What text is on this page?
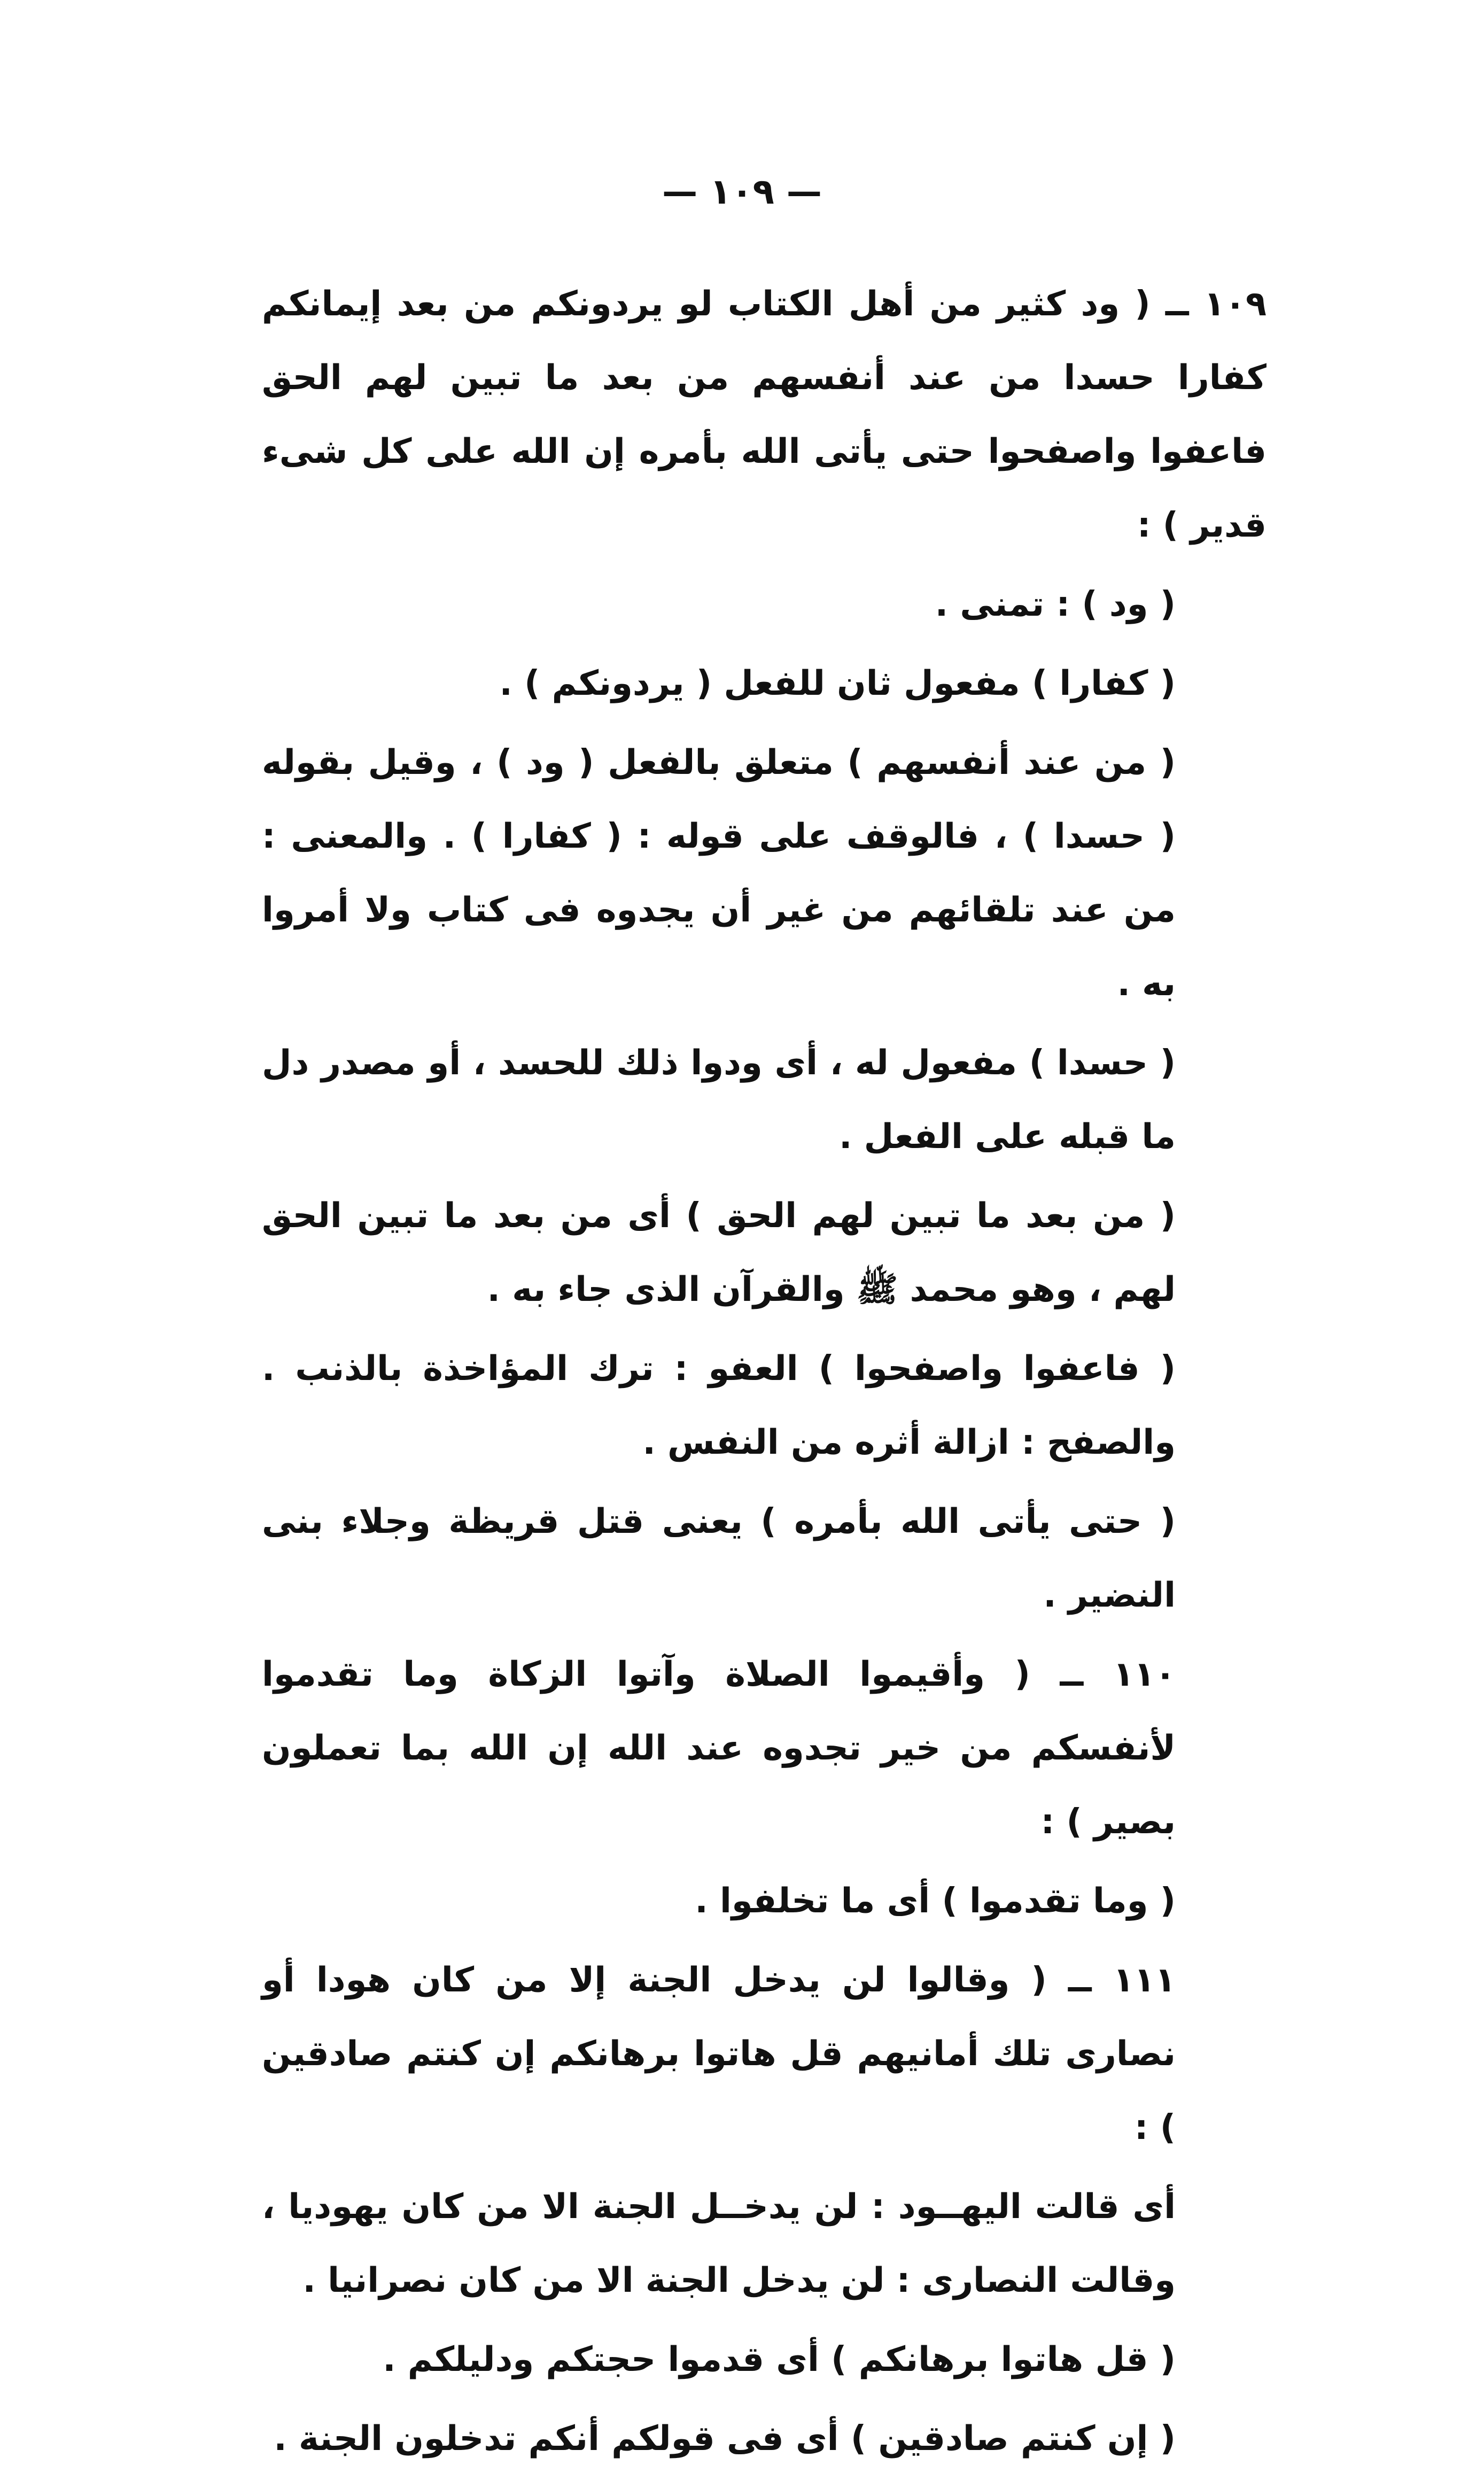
— ١٠٩ —

١٠٩ ــ ( ود كثير من أهل الكتاب لو يردونكم من بعد إيمانكم كفارا حسدا من عند أنفسهم من بعد ما تبين لهم الحق فاعفوا واصفحوا حتى يأتى الله بأمره إن الله على كل شىء قدير ) :

( ود ) : تمنى .

( كفارا ) مفعول ثان للفعل ( يردونكم ) .

( من عند أنفسهم ) متعلق بالفعل ( ود ) ، وقيل بقوله ( حسدا ) ، فالوقف على قوله : ( كفارا ) . والمعنى : من عند تلقائهم من غير أن يجدوه فى كتاب ولا أمروا به .

( حسدا ) مفعول له ، أى ودوا ذلك للحسد ، أو مصدر دل ما قبله على الفعل .

( من بعد ما تبين لهم الحق ) أى من بعد ما تبين الحق لهم ، وهو محمد ﷺ والقرآن الذى جاء به .

( فاعفوا واصفحوا ) العفو : ترك المؤاخذة بالذنب . والصفح : ازالة أثره من النفس .

( حتى يأتى الله بأمره ) يعنى قتل قريظة وجلاء بنى النضير .

١١٠ ــ ( وأقيموا الصلاة وآتوا الزكاة وما تقدموا لأنفسكم من خير تجدوه عند الله إن الله بما تعملون بصير ) :

( وما تقدموا ) أى ما تخلفوا .

١١١ ــ ( وقالوا لن يدخل الجنة إلا من كان هودا أو نصارى تلك أمانيهم قل هاتوا برهانكم إن كنتم صادقين ) :

أى قالت اليهــود : لن يدخــل الجنة الا من كان يهوديا ، وقالت النصارى : لن يدخل الجنة الا من كان نصرانيا .

( قل هاتوا برهانكم ) أى قدموا حجتكم ودليلكم .

( إن كنتم صادقين ) أى فى قولكم أنكم تدخلون الجنة .
